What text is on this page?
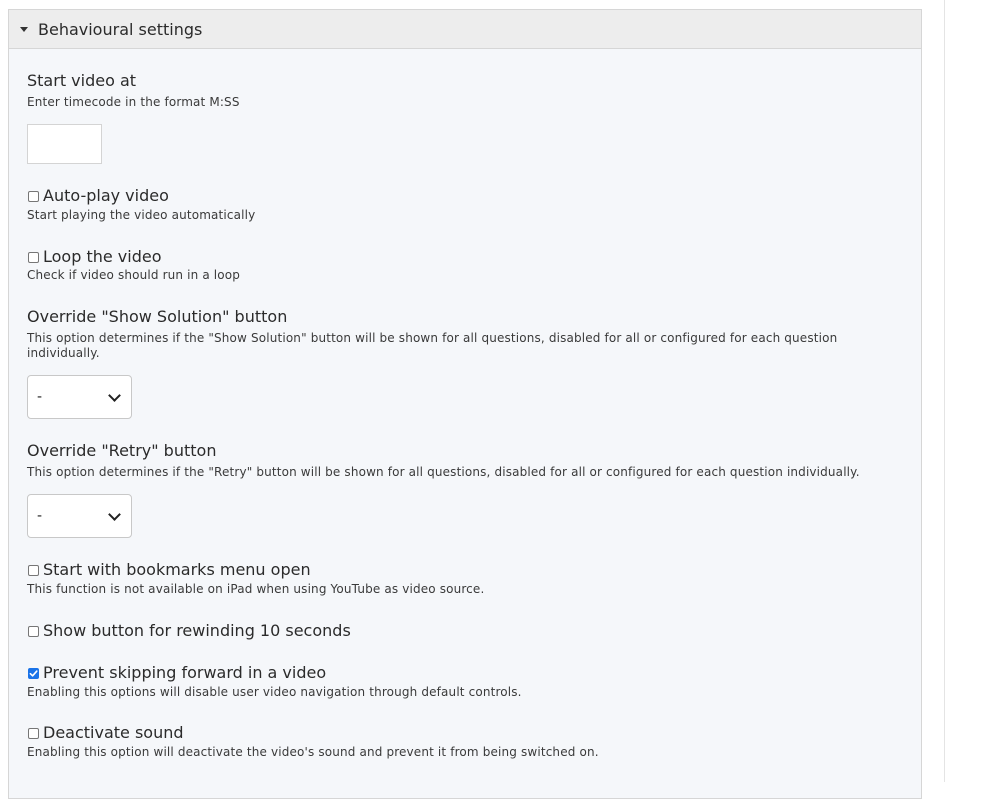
Behavioural settings
Start video at
Enter timecode in the format M:SS
Auto-play video
Start playing the video automatically
Loop the video
Check if video should run in a loop
Override "Show Solution" button
This option determines if the "Show Solution" button will be shown for all questions, disabled for all or configured for each question individually.
-
Override "Retry" button
This option determines if the "Retry" button will be shown for all questions, disabled for all or configured for each question individually.
-
Start with bookmarks menu open
This function is not available on iPad when using YouTube as video source.
Show button for rewinding 10 seconds
Prevent skipping forward in a video
Enabling this options will disable user video navigation through default controls.
Deactivate sound
Enabling this option will deactivate the video's sound and prevent it from being switched on.
